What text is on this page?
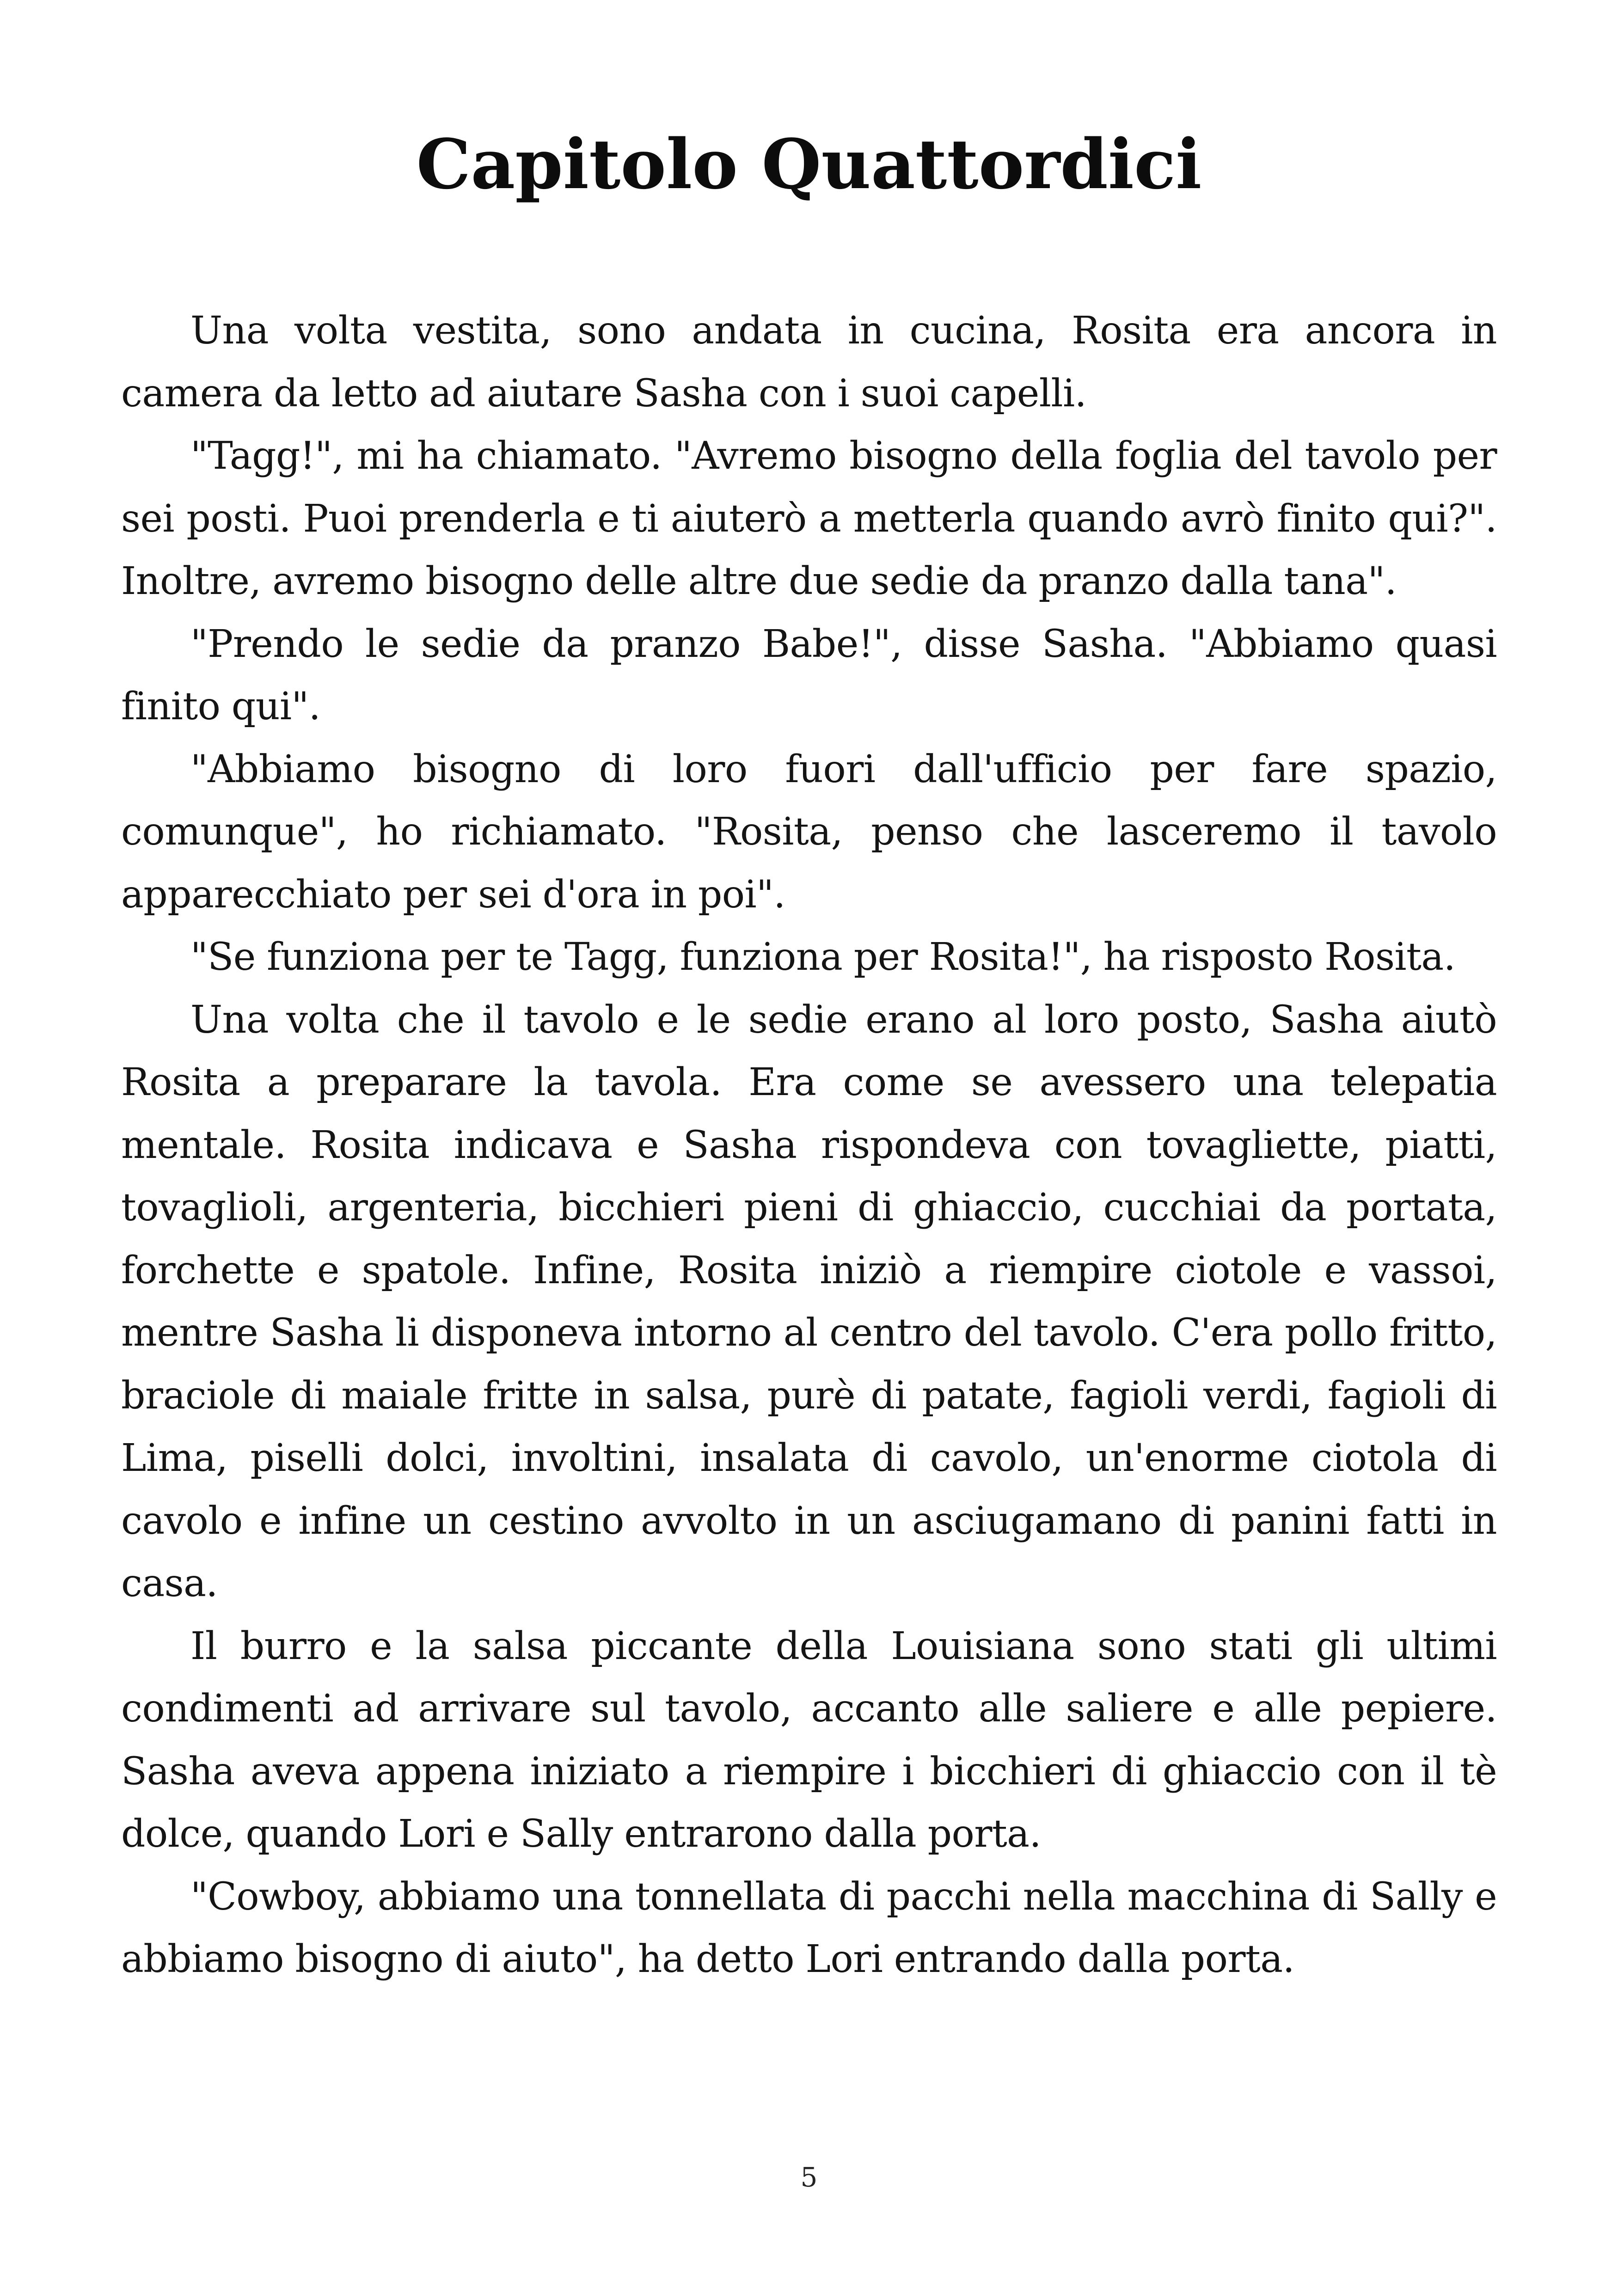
Capitolo Quattordici

Una volta vestita, sono andata in cucina, Rosita era ancora in camera da letto ad aiutare Sasha con i suoi capelli.

"Tagg!", mi ha chiamato. "Avremo bisogno della foglia del tavolo per sei posti. Puoi prenderla e ti aiuterò a metterla quando avrò finito qui?". Inoltre, avremo bisogno delle altre due sedie da pranzo dalla tana".

"Prendo le sedie da pranzo Babe!", disse Sasha. "Abbiamo quasi finito qui".

"Abbiamo bisogno di loro fuori dall'ufficio per fare spazio, comunque", ho richiamato. "Rosita, penso che lasceremo il tavolo apparecchiato per sei d'ora in poi".

"Se funziona per te Tagg, funziona per Rosita!", ha risposto Rosita.

Una volta che il tavolo e le sedie erano al loro posto, Sasha aiutò Rosita a preparare la tavola. Era come se avessero una telepatia mentale. Rosita indicava e Sasha rispondeva con tovagliette, piatti, tovaglioli, argenteria, bicchieri pieni di ghiaccio, cucchiai da portata, forchette e spatole. Infine, Rosita iniziò a riempire ciotole e vassoi, mentre Sasha li disponeva intorno al centro del tavolo. C'era pollo fritto, braciole di maiale fritte in salsa, purè di patate, fagioli verdi, fagioli di Lima, piselli dolci, involtini, insalata di cavolo, un'enorme ciotola di cavolo e infine un cestino avvolto in un asciugamano di panini fatti in casa.

Il burro e la salsa piccante della Louisiana sono stati gli ultimi condimenti ad arrivare sul tavolo, accanto alle saliere e alle pepiere. Sasha aveva appena iniziato a riempire i bicchieri di ghiaccio con il tè dolce, quando Lori e Sally entrarono dalla porta.

"Cowboy, abbiamo una tonnellata di pacchi nella macchina di Sally e abbiamo bisogno di aiuto", ha detto Lori entrando dalla porta.

5
